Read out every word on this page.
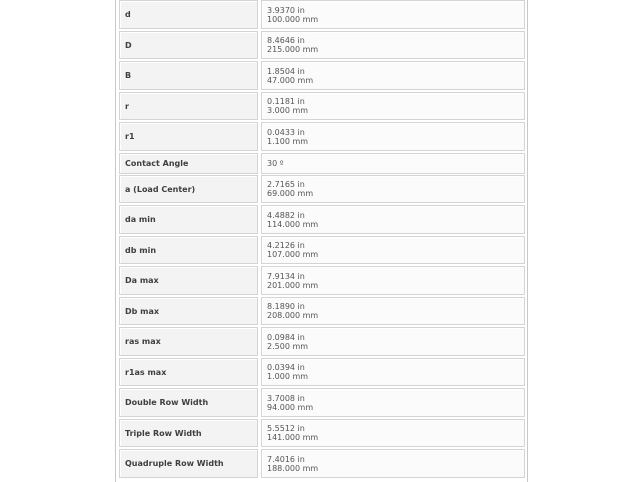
d	3.9370 in
100.000 mm
D	8.4646 in
215.000 mm
B	1.8504 in
47.000 mm
r	0.1181 in
3.000 mm
r1	0.0433 in
1.100 mm
Contact Angle	30 º
a (Load Center)	2.7165 in
69.000 mm
da min	4.4882 in
114.000 mm
db min	4.2126 in
107.000 mm
Da max	7.9134 in
201.000 mm
Db max	8.1890 in
208.000 mm
ras max	0.0984 in
2.500 mm
r1as max	0.0394 in
1.000 mm
Double Row Width	3.7008 in
94.000 mm
Triple Row Width	5.5512 in
141.000 mm
Quadruple Row Width	7.4016 in
188.000 mm
